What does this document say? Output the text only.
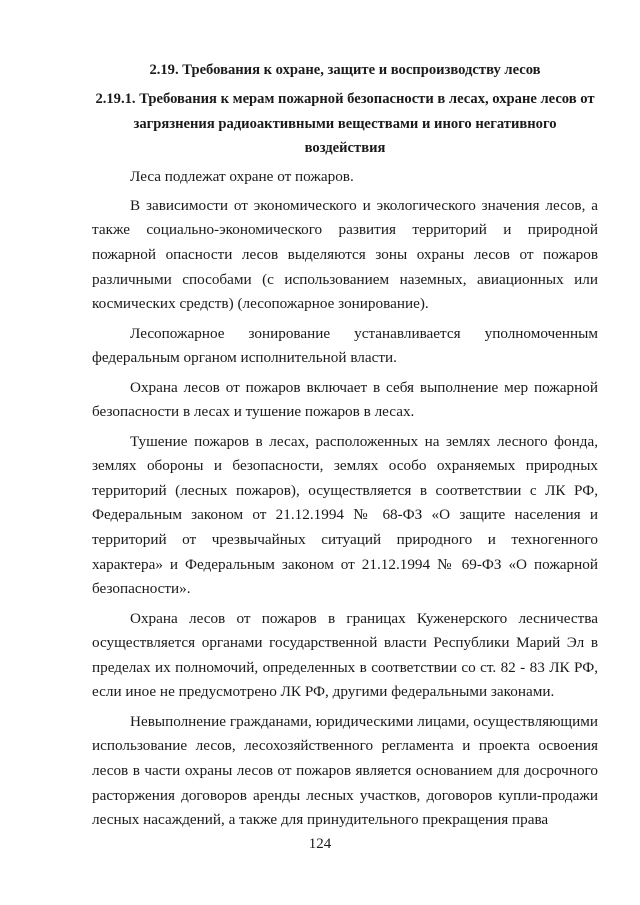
2.19. Требования к охране, защите и воспроизводству лесов

2.19.1. Требования к мерам пожарной безопасности в лесах, охране лесов от загрязнения радиоактивными веществами и иного негативного воздействия

Леса подлежат охране от пожаров.

В зависимости от экономического и экологического значения лесов, а также социально-экономического развития территорий и природной пожарной опасности лесов выделяются зоны охраны лесов от пожаров различными способами (с использованием наземных, авиационных или космических средств) (лесопожарное зонирование).

Лесопожарное зонирование устанавливается уполномоченным федеральным органом исполнительной власти.

Охрана лесов от пожаров включает в себя выполнение мер пожарной безопасности в лесах и тушение пожаров в лесах.

Тушение пожаров в лесах, расположенных на землях лесного фонда, землях обороны и безопасности, землях особо охраняемых природных территорий (лесных пожаров), осуществляется в соответствии с ЛК РФ, Федеральным законом от 21.12.1994 № 68-ФЗ «О защите населения и территорий от чрезвычайных ситуаций природного и техногенного характера» и Федеральным законом от 21.12.1994 № 69-ФЗ «О пожарной безопасности».

Охрана лесов от пожаров в границах Куженерского лесничества осуществляется органами государственной власти Республики Марий Эл в пределах их полномочий, определенных в соответствии со ст. 82 - 83 ЛК РФ, если иное не предусмотрено ЛК РФ, другими федеральными законами.

Невыполнение гражданами, юридическими лицами, осуществляющими использование лесов, лесохозяйственного регламента и проекта освоения лесов в части охраны лесов от пожаров является основанием для досрочного расторжения договоров аренды лесных участков, договоров купли-продажи лесных насаждений, а также для принудительного прекращения права

124
